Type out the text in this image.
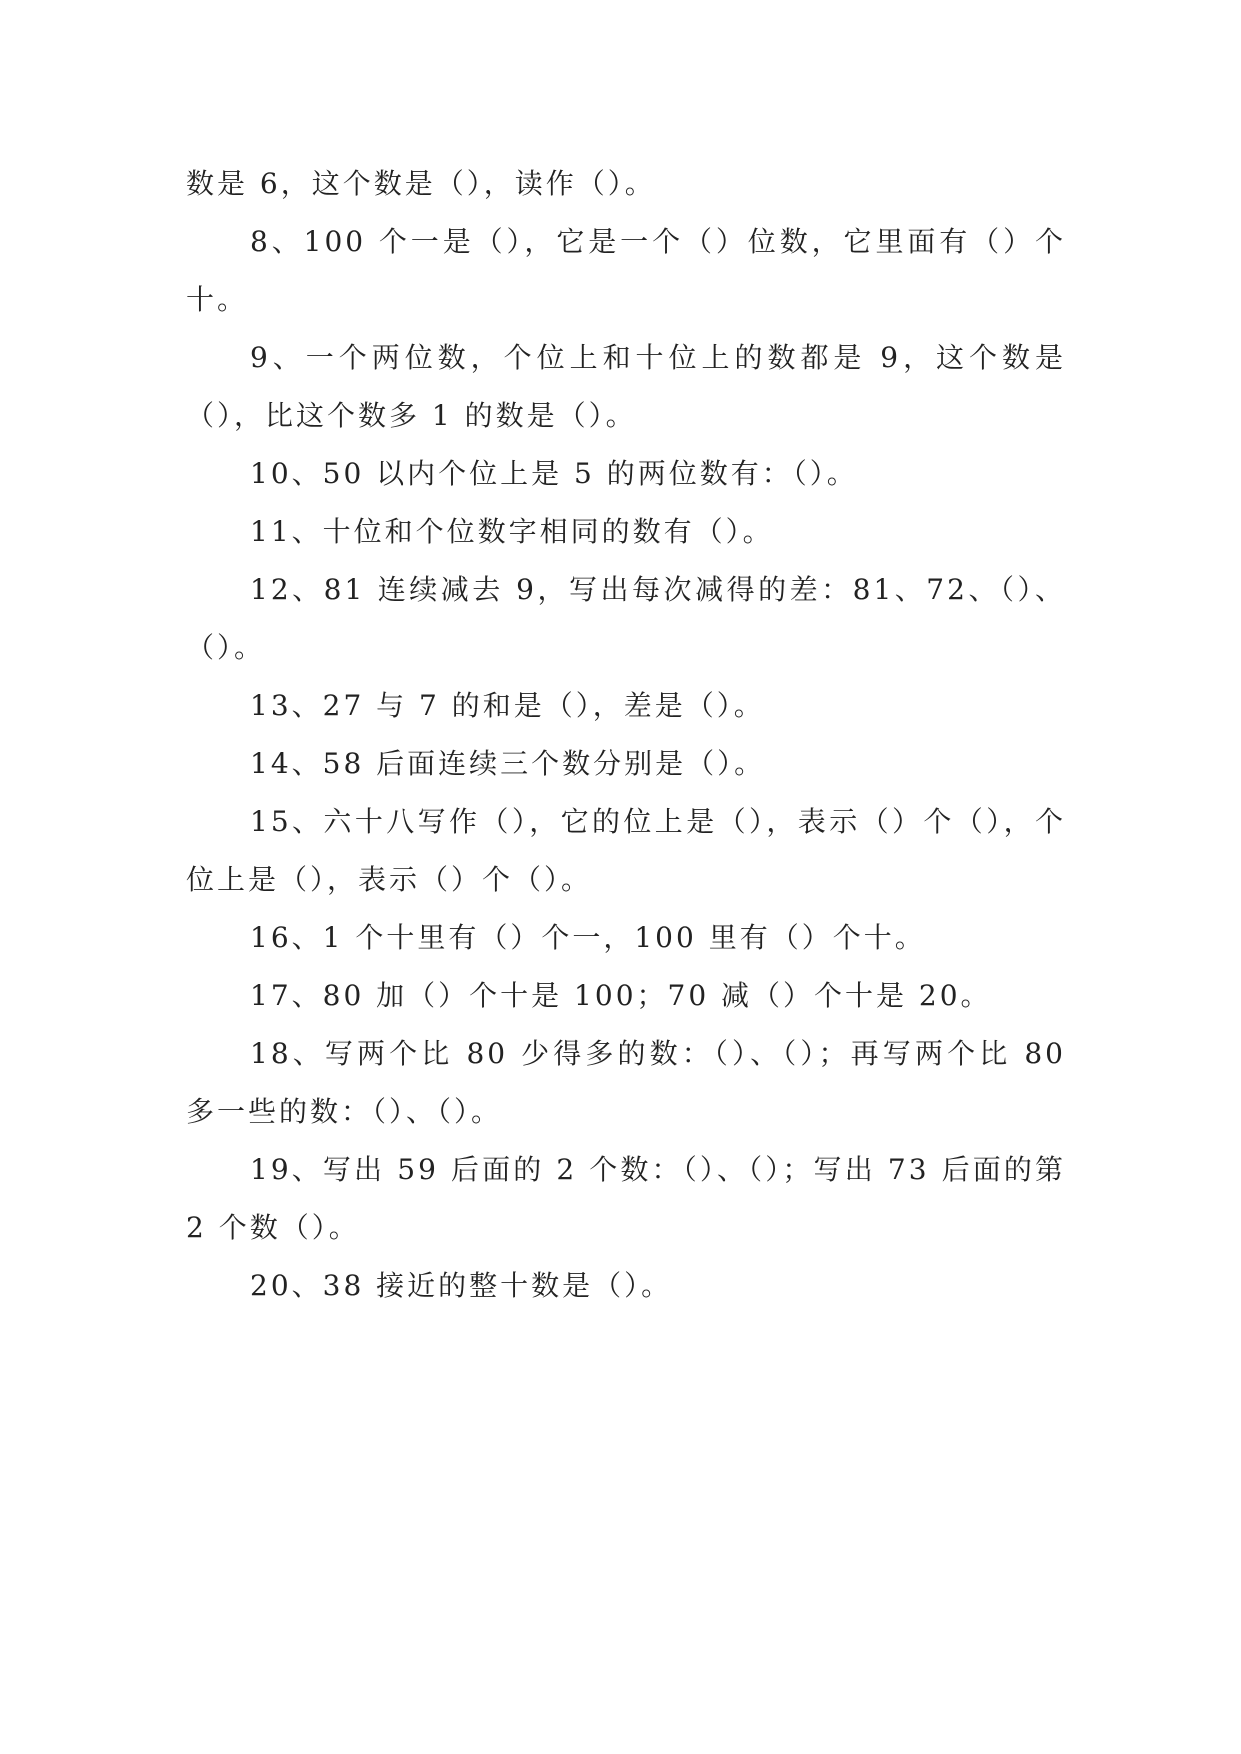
数是 6，这个数是（），读作（）。

8、100 个一是（），它是一个（）位数，它里面有（）个十。

9、一个两位数，个位上和十位上的数都是 9，这个数是（），比这个数多 1 的数是（）。

10、50 以内个位上是 5 的两位数有：（）。

11、十位和个位数字相同的数有（）。

12、81 连续减去 9，写出每次减得的差：81、72、（）、（）。

13、27 与 7 的和是（），差是（）。

14、58 后面连续三个数分别是（）。

15、六十八写作（），它的位上是（），表示（）个（），个位上是（），表示（）个（）。

16、1 个十里有（）个一，100 里有（）个十。

17、80 加（）个十是 100；70 减（）个十是 20。

18、写两个比 80 少得多的数：（）、（）；再写两个比 80 多一些的数：（）、（）。

19、写出 59 后面的 2 个数：（）、（）；写出 73 后面的第 2 个数（）。

20、38 接近的整十数是（）。
